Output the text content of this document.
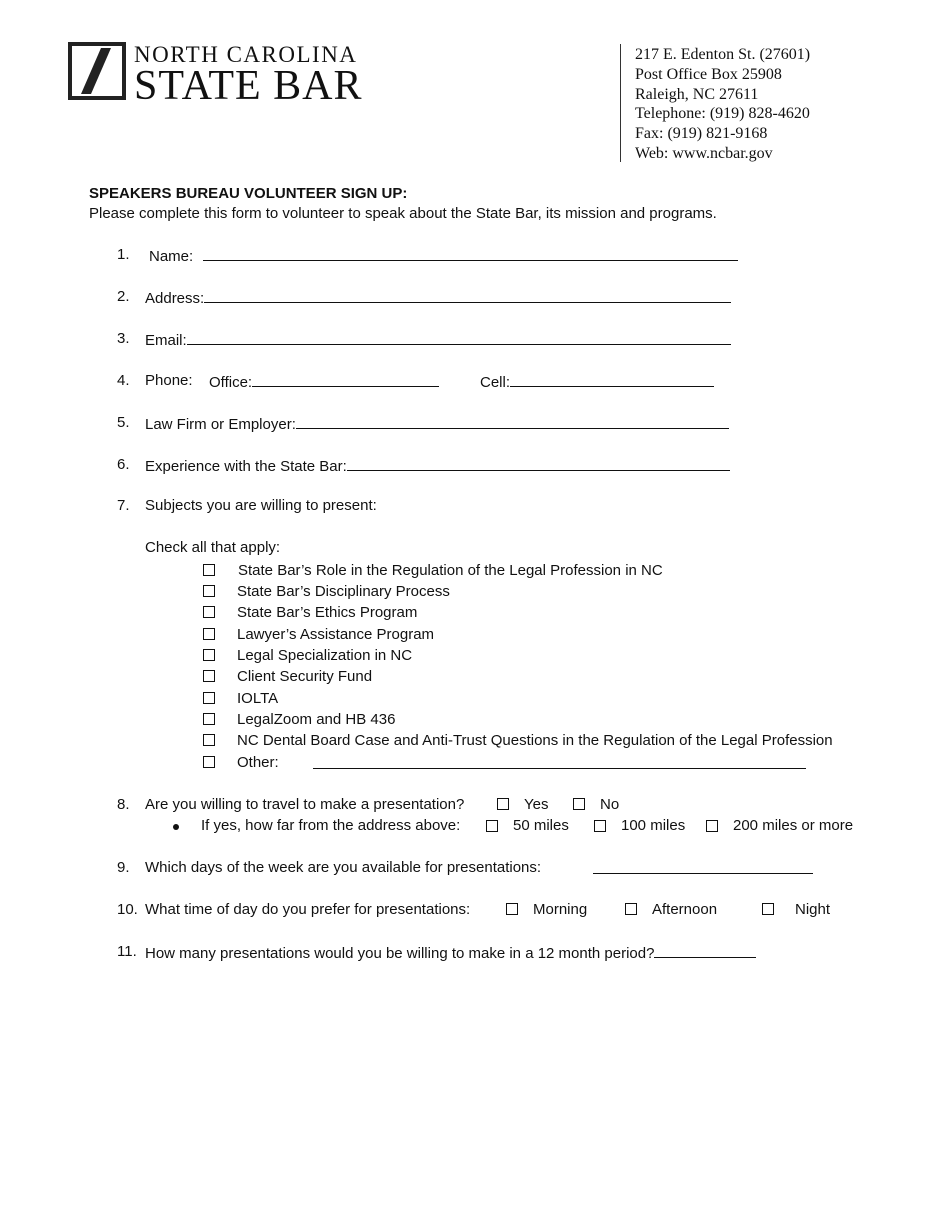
NORTH CAROLINA
STATE BAR
217 E. Edenton St. (27601)
Post Office Box 25908
Raleigh, NC 27611
Telephone: (919) 828-4620
Fax: (919) 821-9168
Web: www.ncbar.gov
SPEAKERS BUREAU VOLUNTEER SIGN UP:
Please complete this form to volunteer to speak about the State Bar, its mission and programs.
1. Name:
2. Address:
3. Email:
4. Phone: Office:	Cell:
5. Law Firm or Employer:
6. Experience with the State Bar:
7. Subjects you are willing to present:
Check all that apply:
State Bar’s Role in the Regulation of the Legal Profession in NC
State Bar’s Disciplinary Process
State Bar’s Ethics Program
Lawyer’s Assistance Program
Legal Specialization in NC
Client Security Fund
IOLTA
LegalZoom and HB 436
NC Dental Board Case and Anti-Trust Questions in the Regulation of the Legal Profession
Other:
8. Are you willing to travel to make a presentation?	Yes	No
If yes, how far from the address above:	50 miles	100 miles	200 miles or more
9. Which days of the week are you available for presentations:
10. What time of day do you prefer for presentations:	Morning	Afternoon	Night
11. How many presentations would you be willing to make in a 12 month period?
